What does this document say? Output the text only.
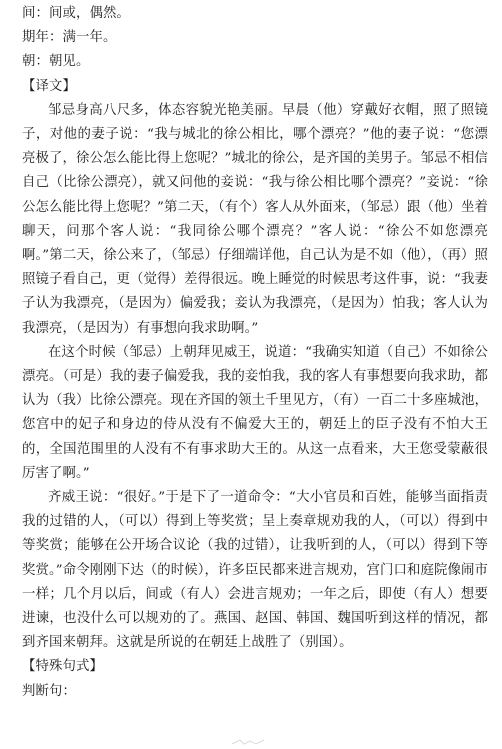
间：间或，偶然。
期年：满一年。
朝：朝见。
【译文】

邹忌身高八尺多，体态容貌光艳美丽。早晨（他）穿戴好衣帽，照了照镜子，对他的妻子说：“我与城北的徐公相比，哪个漂亮？”他的妻子说：“您漂亮极了，徐公怎么能比得上您呢？”城北的徐公，是齐国的美男子。邹忌不相信自己（比徐公漂亮），就又问他的妾说：“我与徐公相比哪个漂亮？”妾说：“徐公怎么能比得上您呢？”第二天，（有个）客人从外面来，（邹忌）跟（他）坐着聊天，问那个客人说：“我同徐公哪个漂亮？”客人说：“徐公不如您漂亮啊。”第二天，徐公来了，（邹忌）仔细端详他，自己认为是不如（他），（再）照照镜子看自己，更（觉得）差得很远。晚上睡觉的时候思考这件事，说：“我妻子认为我漂亮，（是因为）偏爱我；妾认为我漂亮，（是因为）怕我；客人认为我漂亮，（是因为）有事想向我求助啊。”

在这个时候（邹忌）上朝拜见威王，说道：“我确实知道（自己）不如徐公漂亮。（可是）我的妻子偏爱我，我的妾怕我，我的客人有事想要向我求助，都认为（我）比徐公漂亮。现在齐国的领土千里见方，（有）一百二十多座城池，您宫中的妃子和身边的侍从没有不偏爱大王的，朝廷上的臣子没有不怕大王的，全国范围里的人没有不有事求助大王的。从这一点看来，大王您受蒙蔽很厉害了啊。”

齐威王说：“很好。”于是下了一道命令：“大小官员和百姓，能够当面指责我的过错的人，（可以）得到上等奖赏；呈上奏章规劝我的人，（可以）得到中等奖赏；能够在公开场合议论（我的过错），让我听到的人，（可以）得到下等奖赏。”命令刚刚下达（的时候），许多臣民都来进言规劝，宫门口和庭院像闹市一样；几个月以后，间或（有人）会进言规劝；一年之后，即使（有人）想要进谏，也没什么可以规劝的了。燕国、赵国、韩国、魏国听到这样的情况，都到齐国来朝拜。这就是所说的在朝廷上战胜了（别国）。

【特殊句式】
判断句：
